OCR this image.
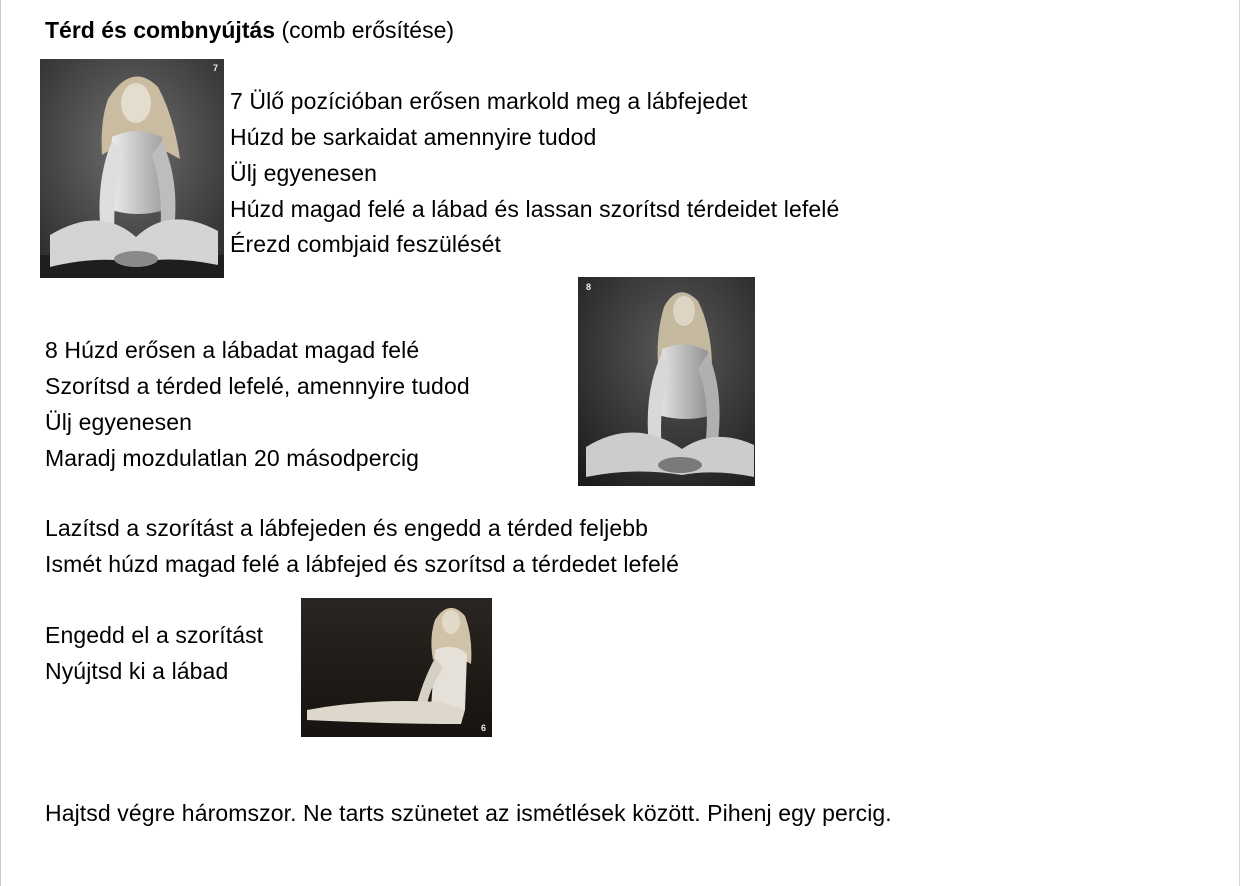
Térd és combnyújtás (comb erősítése)
7
7 Ülő pozícióban erősen markold meg a lábfejedet
Húzd be sarkaidat amennyire tudod
Ülj egyenesen
Húzd magad felé a lábad és lassan szorítsd térdeidet lefelé
Érezd combjaid feszülését
8
8 Húzd erősen a lábadat magad felé
Szorítsd a térded lefelé, amennyire tudod
Ülj egyenesen
Maradj mozdulatlan 20 másodpercig
Lazítsd a szorítást a lábfejeden és engedd a térded feljebb
Ismét húzd magad felé a lábfejed és szorítsd a térdedet lefelé
Engedd el a szorítást
Nyújtsd ki a lábad
6
Hajtsd végre háromszor. Ne tarts szünetet az ismétlések között. Pihenj egy percig.
